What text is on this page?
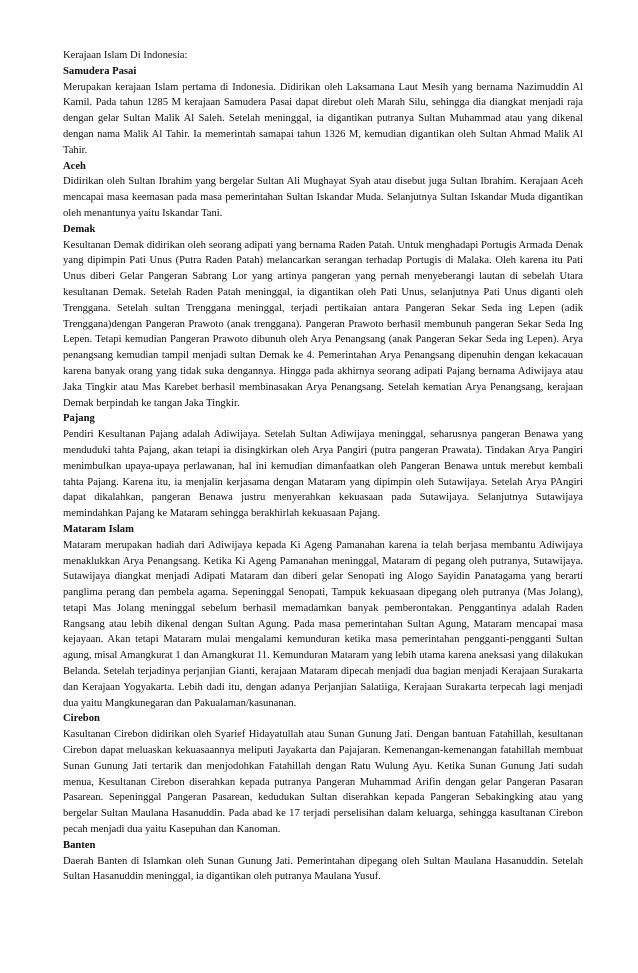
Kerajaan Islam Di Indonesia:

Samudera Pasai

Merupakan kerajaan Islam pertama di Indonesia. Didirikan oleh Laksamana Laut Mesih yang bernama Nazimuddin Al Kamil. Pada tahun 1285 M kerajaan Samudera Pasai dapat direbut oleh Marah Silu, sehingga dia diangkat menjadi raja dengan gelar Sultan Malik Al Saleh. Setelah meninggal, ia digantikan putranya Sultan Muhammad atau yang dikenal dengan nama Malik Al Tahir. Ia memerintah samapai tahun 1326 M, kemudian digantikan oleh Sultan Ahmad Malik Al Tahir.

Aceh

Didirikan oleh Sultan Ibrahim yang bergelar Sultan Ali Mughayat Syah atau disebut juga Sultan Ibrahim. Kerajaan Aceh mencapai masa keemasan pada masa pemerintahan Sultan Iskandar Muda. Selanjutnya Sultan Iskandar Muda digantikan oleh menantunya yaitu Iskandar Tani.

Demak

Kesultanan Demak didirikan oleh seorang adipati yang bernama Raden Patah. Untuk menghadapi Portugis Armada Denak yang dipimpin Pati Unus (Putra Raden Patah) melancarkan serangan terhadap Portugis di Malaka. Oleh karena itu Pati Unus diberi Gelar Pangeran Sabrang Lor yang artinya pangeran yang pernah menyeberangi lautan di sebelah Utara kesultanan Demak. Setelah Raden Patah meninggal, ia digantikan oleh Pati Unus, selanjutnya Pati Unus diganti oleh Trenggana. Setelah sultan Trenggana meninggal, terjadi pertikaian antara Pangeran Sekar Seda ing Lepen (adik Trenggana)dengan Pangeran Prawoto (anak trenggana). Pangeran Prawoto berhasil membunuh pangeran Sekar Seda Ing Lepen. Tetapi kemudian Pangeran Prawoto dibunuh oleh Arya Penangsang (anak Pangeran Sekar Seda ing Lepen). Arya penangsang kemudian tampil menjadi sultan Demak ke 4. Pemerintahan Arya Penangsang dipenuhin dengan kekacauan karena banyak orang yang tidak suka dengannya. Hingga pada akhirnya seorang adipati Pajang bernama Adiwijaya atau Jaka Tingkir atau Mas Karebet berhasil membinasakan Arya Penangsang. Setelah kematian Arya Penangsang, kerajaan Demak berpindah ke tangan Jaka Tingkir.

Pajang

Pendiri Kesultanan Pajang adalah Adiwijaya. Setelah Sultan Adiwijaya meninggal, seharusnya pangeran Benawa yang menduduki tahta Pajang, akan tetapi ia disingkirkan oleh Arya Pangiri (putra pangeran Prawata). Tindakan Arya Pangiri menimbulkan upaya-upaya perlawanan, hal ini kemudian dimanfaatkan oleh Pangeran Benawa untuk merebut kembali tahta Pajang. Karena itu, ia menjalin kerjasama dengan Mataram yang dipimpin oleh Sutawijaya. Setelah Arya PAngiri dapat dikalahkan, pangeran Benawa justru menyerahkan kekuasaan pada Sutawijaya. Selanjutnya Sutawijaya memindahkan Pajang ke Mataram sehingga berakhirlah kekuasaan Pajang.

Mataram Islam

Mataram merupakan hadiah dari Adiwijaya kepada Ki Ageng Pamanahan karena ia telah berjasa membantu Adiwijaya menaklukkan Arya Penangsang. Ketika Ki Ageng Pamanahan meninggal, Mataram di pegang oleh putranya, Sutawijaya. Sutawijaya diangkat menjadi Adipati Mataram dan diberi gelar Senopati ing Alogo Sayidin Panatagama yang berarti panglima perang dan pembela agama. Sepeninggal Senopati, Tampuk kekuasaan dipegang oleh putranya (Mas Jolang), tetapi Mas Jolang meninggal sebelum berhasil memadamkan banyak pemberontakan. Penggantinya adalah Raden Rangsang atau lebih dikenal dengan Sultan Agung. Pada masa pemerintahan Sultan Agung, Mataram mencapai masa kejayaan. Akan tetapi Mataram mulai mengalami kemunduran ketika masa pemerintahan pengganti-pengganti Sultan agung, misal Amangkurat 1 dan Amangkurat 11. Kemunduran Mataram yang lebih utama karena aneksasi yang dilakukan Belanda. Setelah terjadinya perjanjian Gianti, kerajaan Mataram dipecah menjadi dua bagian menjadi Kerajaan Surakarta dan Kerajaan Yogyakarta. Lebih dadi itu, dengan adanya Perjanjian Salatiiga, Kerajaan Surakarta terpecah lagi menjadi dua yaitu Mangkunegaran dan Pakualaman/kasunanan.

Cirebon

Kasultanan Cirebon didirikan oleh Syarief Hidayatullah atau Sunan Gunung Jati. Dengan bantuan Fatahillah, kesultanan Cirebon dapat meluaskan kekuasaannya meliputi Jayakarta dan Pajajaran. Kemenangan-kemenangan fatahillah membuat Sunan Gunung Jati tertarik dan menjodohkan Fatahillah dengan Ratu Wulung Ayu. Ketika Sunan Gunung Jati sudah menua, Kesultanan Cirebon diserahkan kepada putranya Pangeran Muhammad Arifin dengan gelar Pangeran Pasaran Pasarean. Sepeninggal Pangeran Pasarean, kedudukan Sultan diserahkan kepada Pangeran Sebakingking atau yang bergelar Sultan Maulana Hasanuddin. Pada abad ke 17 terjadi perselisihan dalam keluarga, sehingga kasultanan Cirebon pecah menjadi dua yaitu Kasepuhan dan Kanoman.

Banten

Daerah Banten di Islamkan oleh Sunan Gunung Jati. Pemerintahan dipegang oleh Sultan Maulana Hasanuddin. Setelah Sultan Hasanuddin meninggal, ia digantikan oleh putranya Maulana Yusuf.
